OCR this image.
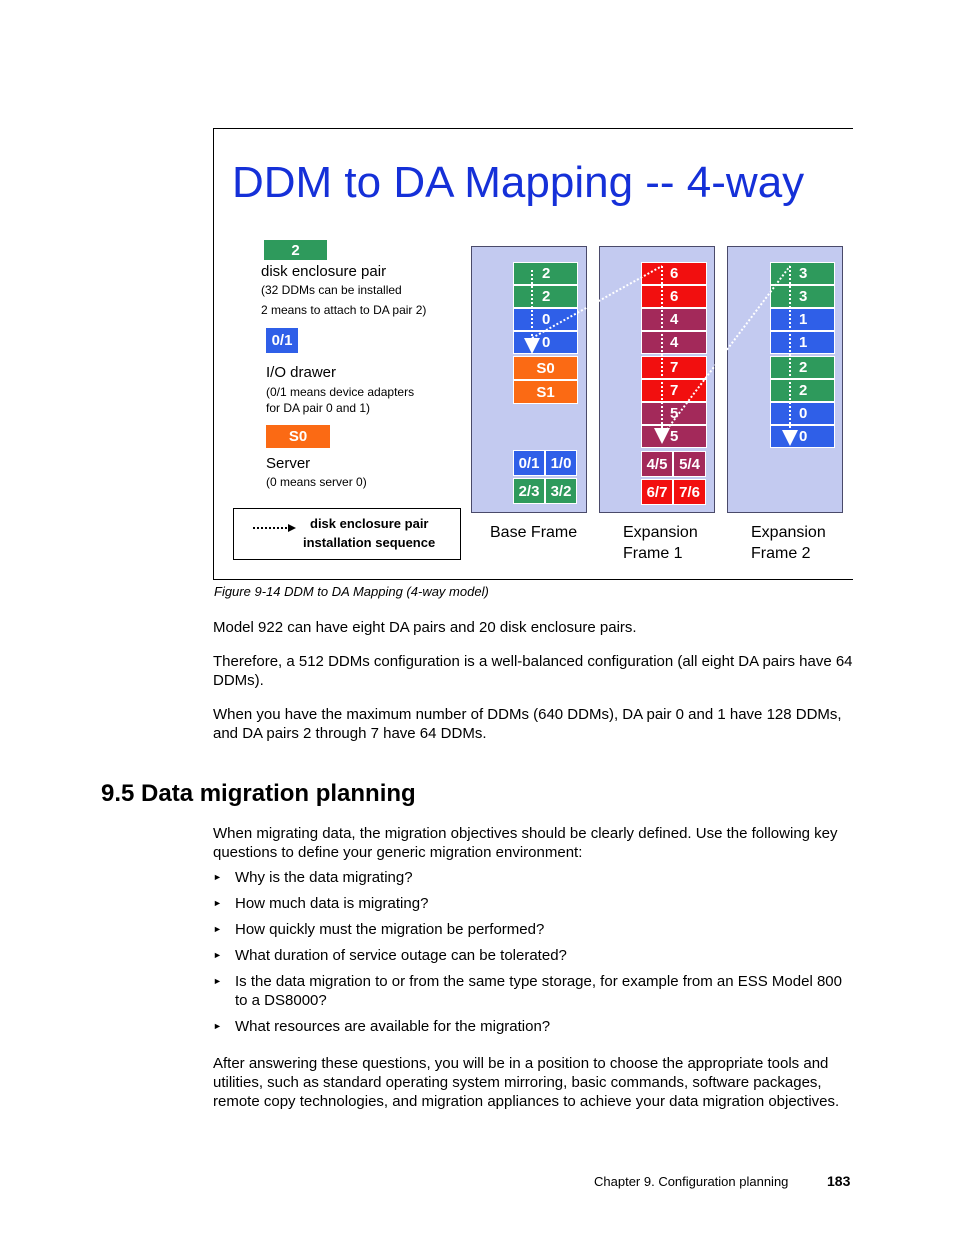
DDM to DA Mapping -- 4-way
2
disk enclosure pair
(32 DDMs can be installed
2 means to attach to DA pair 2)
0/1
I/O drawer
(0/1 means device adapters
for DA pair 0 and 1)
S0
Server
(0 means server 0)
disk enclosure pair
installation sequence
2
2
0
0
S0
S1
0/1 1/0
2/3 3/2
Base Frame
6
6
4
4
7
7
5
5
4/5 5/4
6/7 7/6
Expansion
Frame 1
3
3
1
1
2
2
0
0
Expansion
Frame 2
Figure 9-14 DDM to DA Mapping (4-way model)
Model 922 can have eight DA pairs and 20 disk enclosure pairs.
Therefore, a 512 DDMs configuration is a well-balanced configuration (all eight DA pairs have 64 DDMs).
When you have the maximum number of DDMs (640 DDMs), DA pair 0 and 1 have 128 DDMs, and DA pairs 2 through 7 have 64 DDMs.
9.5 Data migration planning
When migrating data, the migration objectives should be clearly defined. Use the following key questions to define your generic migration environment:
► Why is the data migrating?
► How much data is migrating?
► How quickly must the migration be performed?
► What duration of service outage can be tolerated?
► Is the data migration to or from the same type storage, for example from an ESS Model 800 to a DS8000?
► What resources are available for the migration?
After answering these questions, you will be in a position to choose the appropriate tools and utilities, such as standard operating system mirroring, basic commands, software packages, remote copy technologies, and migration appliances to achieve your data migration objectives.
Chapter 9. Configuration planning	183
